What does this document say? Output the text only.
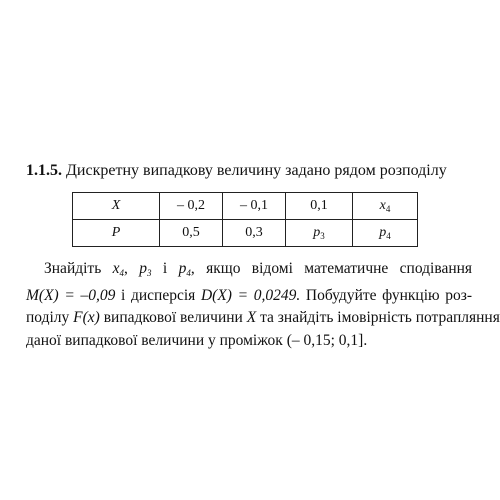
1.1.5. Дискретну випадкову величину задано рядом розподілу
X	– 0,2	– 0,1	0,1	$x_4$
P	0,5	0,3	$p_3$	$p_4$
Знайдіть $x_4$, $p_3$ і $p_4$, якщо відомі математичне сподівання
M(X) = –0,09 і дисперсія D(X) = 0,0249. Побудуйте функцію роз-
поділу F(x) випадкової величини X та знайдіть імовірність потрапляння
даної випадкової величини у проміжок (– 0,15; 0,1].
